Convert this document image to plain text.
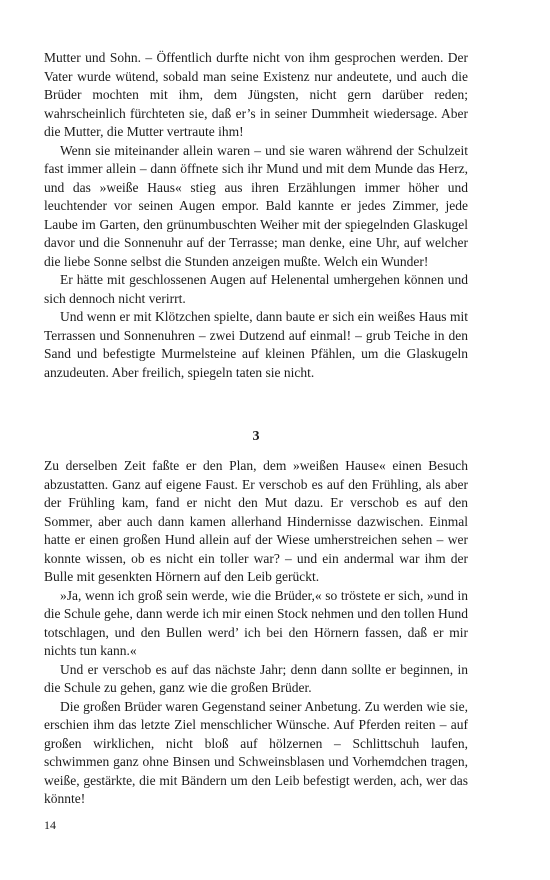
Mutter und Sohn. – Öffentlich durfte nicht von ihm gesprochen werden. Der Vater wurde wütend, sobald man seine Existenz nur andeutete, und auch die Brüder mochten mit ihm, dem Jüngsten, nicht gern darüber reden; wahrscheinlich fürchteten sie, daß er’s in seiner Dummheit wiedersage. Aber die Mutter, die Mutter vertraute ihm!

Wenn sie miteinander allein waren – und sie waren während der Schulzeit fast immer allein – dann öffnete sich ihr Mund und mit dem Munde das Herz, und das »weiße Haus« stieg aus ihren Erzählungen immer höher und leuchtender vor seinen Augen empor. Bald kannte er jedes Zimmer, jede Laube im Garten, den grünumbuschten Weiher mit der spiegelnden Glaskugel davor und die Sonnenuhr auf der Terrasse; man denke, eine Uhr, auf welcher die liebe Sonne selbst die Stunden anzeigen mußte. Welch ein Wunder!

Er hätte mit geschlossenen Augen auf Helenental umhergehen können und sich dennoch nicht verirrt.

Und wenn er mit Klötzchen spielte, dann baute er sich ein weißes Haus mit Terrassen und Sonnenuhren – zwei Dutzend auf einmal! – grub Teiche in den Sand und befestigte Murmelsteine auf kleinen Pfählen, um die Glaskugeln anzudeuten. Aber freilich, spiegeln taten sie nicht.

3

Zu derselben Zeit faßte er den Plan, dem »weißen Hause« einen Besuch abzustatten. Ganz auf eigene Faust. Er verschob es auf den Frühling, als aber der Frühling kam, fand er nicht den Mut dazu. Er verschob es auf den Sommer, aber auch dann kamen allerhand Hindernisse dazwischen. Einmal hatte er einen großen Hund allein auf der Wiese umherstreichen sehen – wer konnte wissen, ob es nicht ein toller war? – und ein andermal war ihm der Bulle mit gesenkten Hörnern auf den Leib gerückt.

»Ja, wenn ich groß sein werde, wie die Brüder,« so tröstete er sich, »und in die Schule gehe, dann werde ich mir einen Stock nehmen und den tollen Hund totschlagen, und den Bullen werd’ ich bei den Hörnern fassen, daß er mir nichts tun kann.«

Und er verschob es auf das nächste Jahr; denn dann sollte er beginnen, in die Schule zu gehen, ganz wie die großen Brüder.

Die großen Brüder waren Gegenstand seiner Anbetung. Zu werden wie sie, erschien ihm das letzte Ziel menschlicher Wünsche. Auf Pferden reiten – auf großen wirklichen, nicht bloß auf hölzernen – Schlittschuh laufen, schwimmen ganz ohne Binsen und Schweinsblasen und Vorhemdchen tragen, weiße, gestärkte, die mit Bändern um den Leib befestigt werden, ach, wer das könnte!

14
